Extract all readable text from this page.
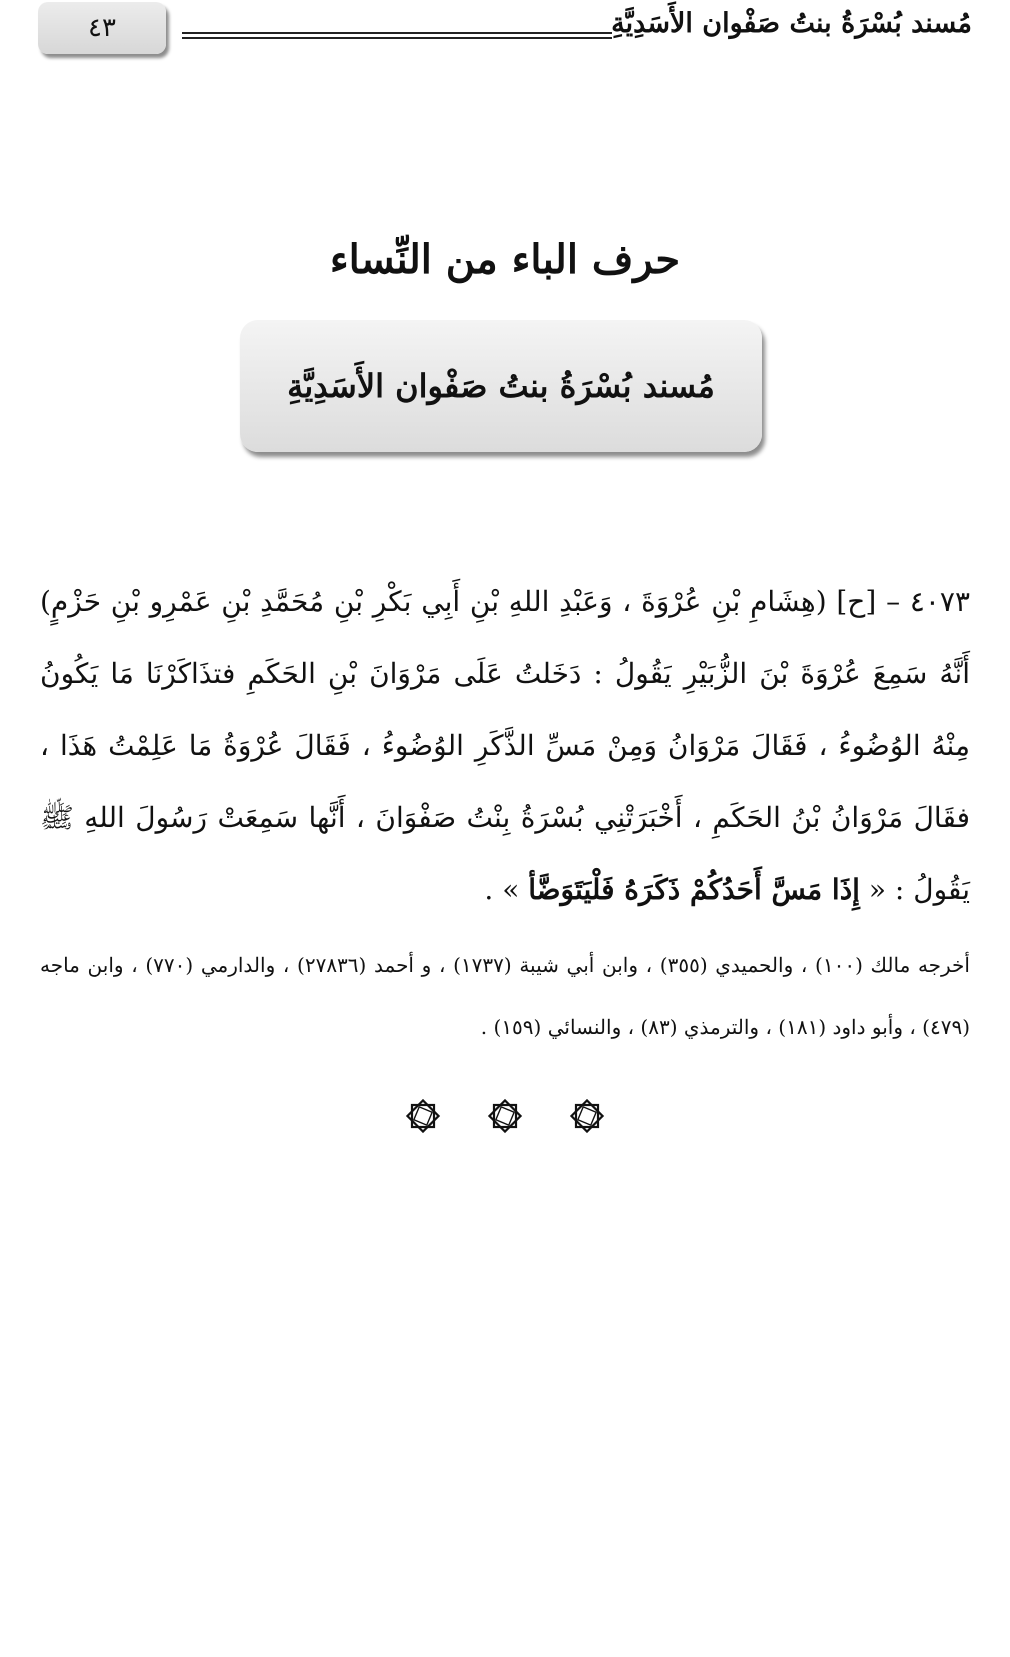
٤٣	مُسند بُسْرَةُ بنتُ صَفْوان الأَسَدِيَّةِ
حرف الباء من النِّساء
مُسند بُسْرَةُ بنتُ صَفْوان الأَسَدِيَّةِ
٤٠٧٣ – [ح] (هِشَامِ بْنِ عُرْوَةَ ، وَعَبْدِ اللهِ بْنِ أَبِي بَكْرِ بْنِ مُحَمَّدِ بْنِ عَمْرِو بْنِ حَزْمٍ) أَنَّهُ سَمِعَ عُرْوَةَ بْنَ الزُّبَيْرِ يَقُولُ : دَخَلتُ عَلَى مَرْوَانَ بْنِ الحَكَمِ فتذَاكَرْنَا مَا يَكُونُ مِنْهُ الوُضُوءُ ، فَقَالَ مَرْوَانُ وَمِنْ مَسِّ الذَّكَرِ الوُضُوءُ ، فَقَالَ عُرْوَةُ مَا عَلِمْتُ هَذَا ، فقَالَ مَرْوَانُ بْنُ الحَكَمِ ، أَخْبَرَتْنِي بُسْرَةُ بِنْتُ صَفْوَانَ ، أَنَّها سَمِعَتْ رَسُولَ اللهِ ﷺ يَقُولُ : « إِذَا مَسَّ أَحَدُكُمْ ذَكَرَهُ فَلْيَتَوَضَّأ » .
أخرجه مالك (١٠٠) ، والحميدي (٣٥٥) ، وابن أبي شيبة (١٧٣٧) ، و أحمد (٢٧٨٣٦) ، والدارمي (٧٧٠) ، وابن ماجه (٤٧٩) ، وأبو داود (١٨١) ، والترمذي (٨٣) ، والنسائي (١٥٩) .
